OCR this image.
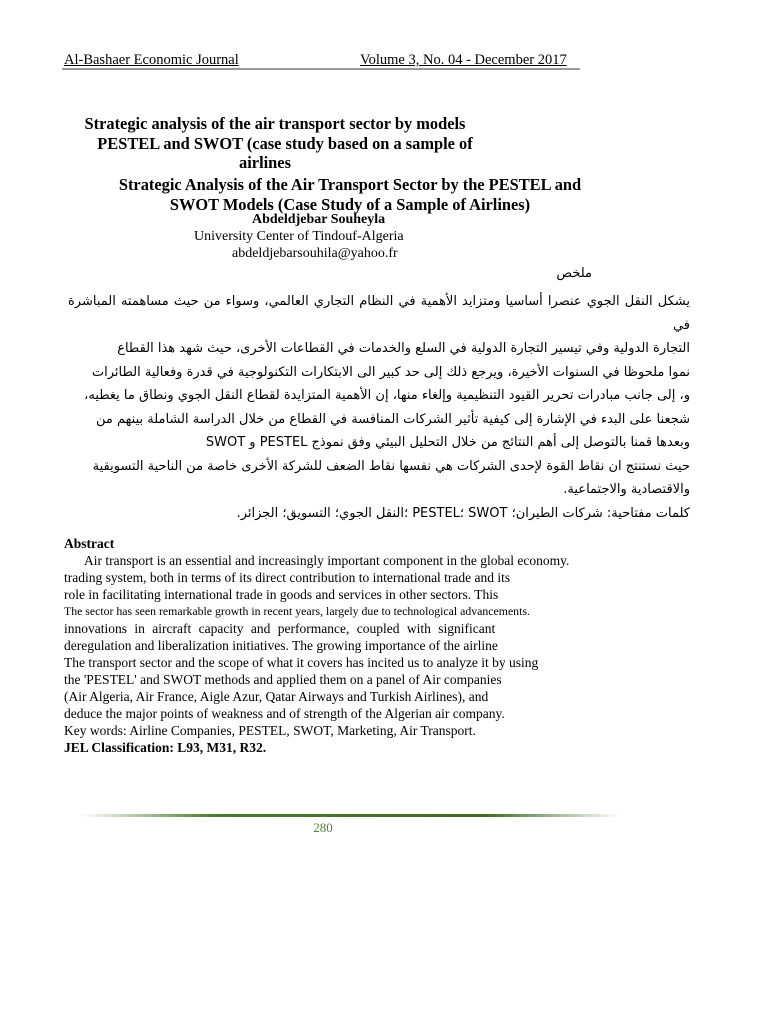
Al-Bashaer Economic Journal	Volume 3, No. 04 - December 2017
Strategic analysis of the air transport sector by models
PESTEL and SWOT (case study based on a sample of
airlines
Strategic Analysis of the Air Transport Sector by the PESTEL and
SWOT Models (Case Study of a Sample of Airlines)
Abdeldjebar Souheyla
University Center of Tindouf-Algeria
abdeldjebarsouhila@yahoo.fr
ملخص
يشكل النقل الجوي عنصرا أساسيا ومتزايد الأهمية في النظام التجاري العالمي، وسواء من حيث مساهمته المباشرة في
التجارة الدولية وفي تيسير التجارة الدولية في السلع والخدمات في القطاعات الأخرى، حيث شهد هذا القطاع
نموا ملحوظا في السنوات الأخيرة، ويرجع ذلك إلى حد كبير الى الابتكارات التكنولوجية في قدرة وفعالية الطائرات
و، إلى جانب مبادرات تحرير القيود التنظيمية وإلغاء منها، إن الأهمية المتزايدة لقطاع النقل الجوي ونطاق ما يغطيه،
شجعنا على البدء في الإشارة إلى كيفية تأثير الشركات المنافسة في القطاع من خلال الدراسة الشاملة بينهم من
وبعدها قمنا بالتوصل إلى أهم النتائج من خلال التحليل البيئي وفق نموذج PESTEL و SWOT
حيث نستنتج ان نقاط القوة لإحدى الشركات هي نفسها نقاط الضعف للشركة الأخرى خاصة من الناحية التسويقية
والاقتصادية والاجتماعية.
كلمات مفتاحية: شركات الطيران؛ SWOT ؛PESTEL ؛النقل الجوي؛ التسويق؛ الجزائر.
Abstract
Air transport is an essential and increasingly important component in the global economy.
trading system, both in terms of its direct contribution to international trade and its
role in facilitating international trade in goods and services in other sectors. This
The sector has seen remarkable growth in recent years, largely due to technological advancements.
innovations in aircraft capacity and performance, coupled with significant
deregulation and liberalization initiatives. The growing importance of the airline
The transport sector and the scope of what it covers has incited us to analyze it by using
the 'PESTEL' and SWOT methods and applied them on a panel of Air companies
(Air Algeria, Air France, Aigle Azur, Qatar Airways and Turkish Airlines), and
deduce the major points of weakness and of strength of the Algerian air company.
Key words: Airline Companies, PESTEL, SWOT, Marketing, Air Transport.
JEL Classification: L93, M31, R32.
280
